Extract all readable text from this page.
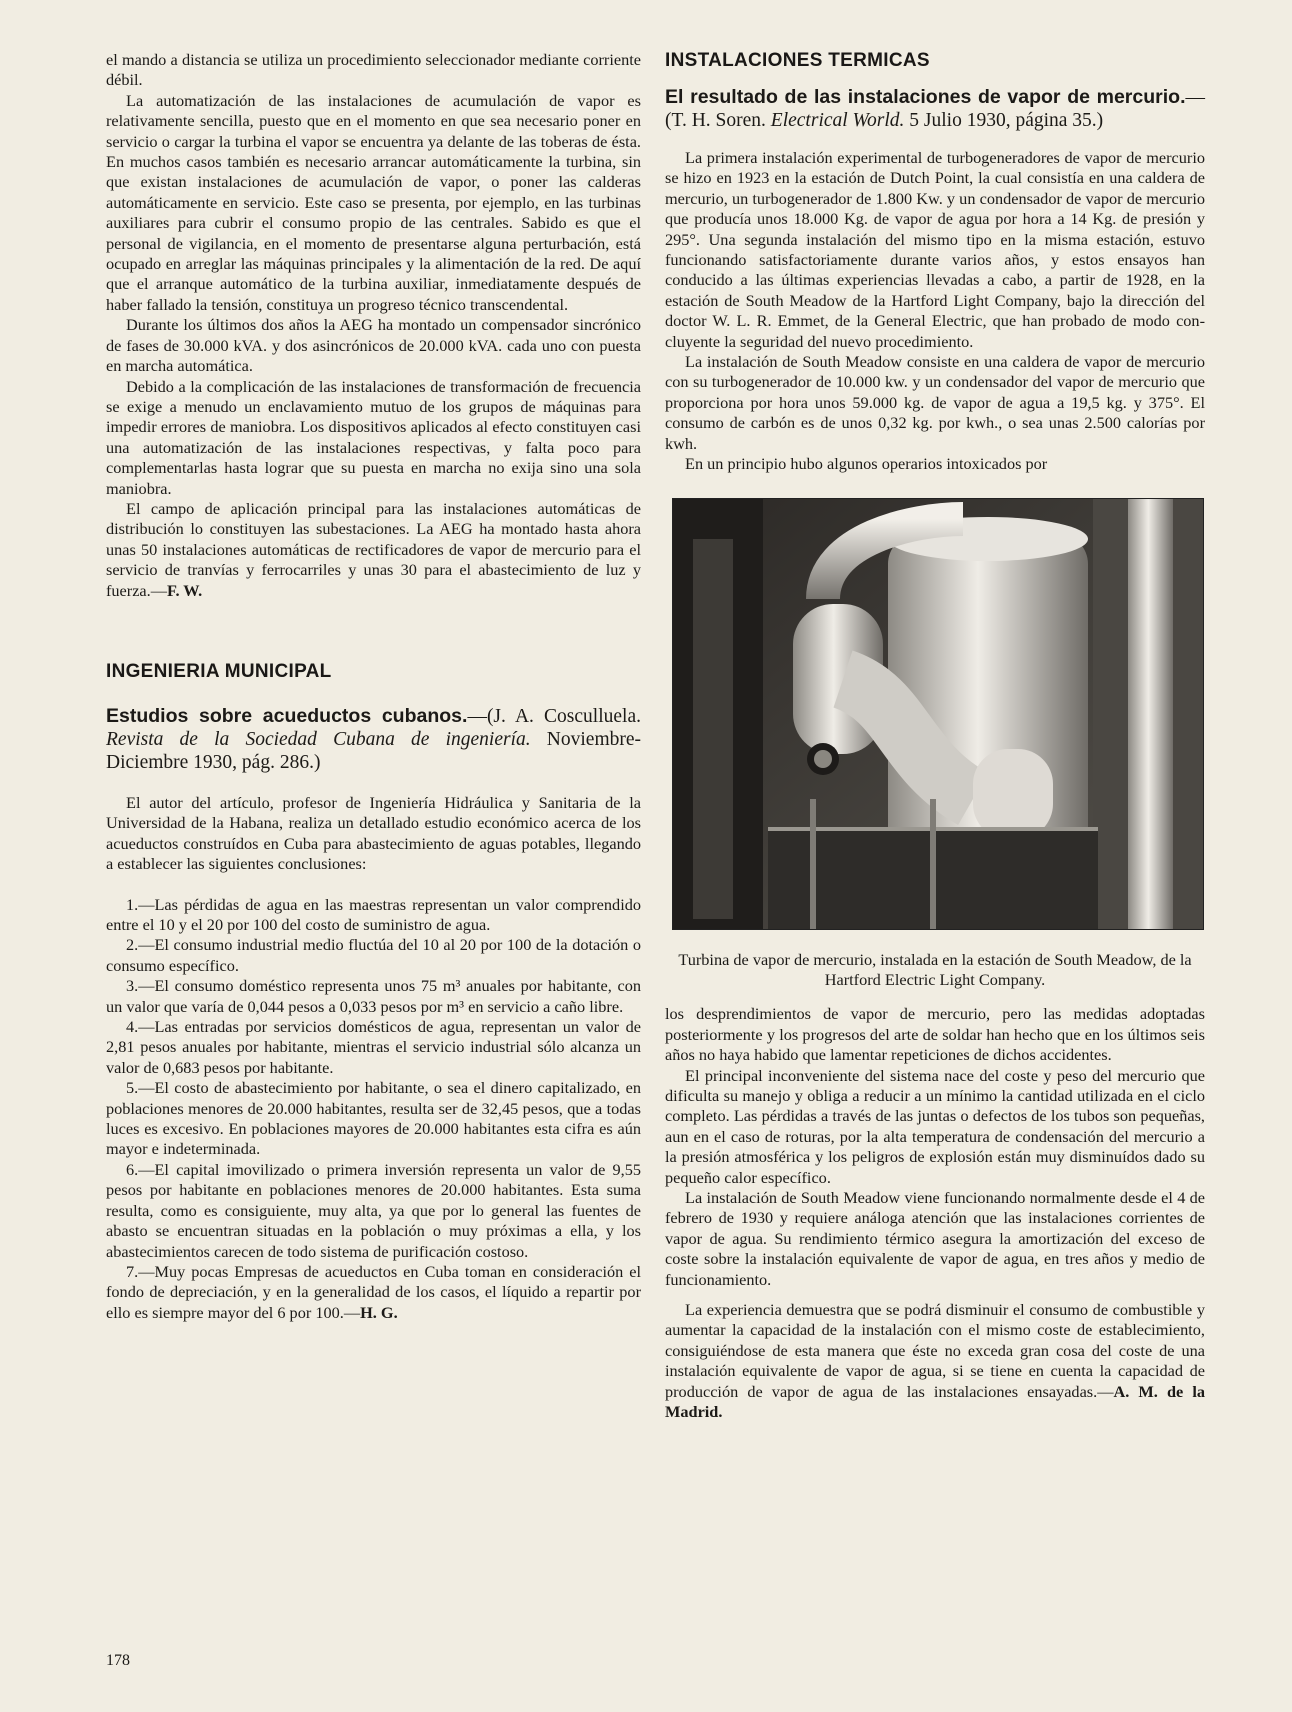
el mando a distancia se utiliza un procedimiento seleccionador mediante corriente débil.

La automatización de las instalaciones de acumulación de vapor es relativamente sencilla, puesto que en el momento en que sea necesario poner en servicio o cargar la turbina el vapor se encuentra ya delante de las toberas de ésta. En muchos casos también es necesario arrancar automáticamente la turbina, sin que existan instalaciones de acumulación de vapor, o poner las calderas automáticamente en servicio. Este caso se presenta, por ejemplo, en las turbinas auxiliares para cubrir el consumo propio de las centrales. Sabido es que el personal de vigilancia, en el momento de presentarse alguna perturbación, está ocupado en arreglar las máquinas principales y la alimentación de la red. De aquí que el arranque automático de la turbina auxiliar, inmediatamente después de haber fallado la tensión, constituya un progreso técnico transcendental.

Durante los últimos dos años la AEG ha montado un compensador sincrónico de fases de 30.000 kVA. y dos asincrónicos de 20.000 kVA. cada uno con puesta en marcha automática.

Debido a la complicación de las instalaciones de transformación de frecuencia se exige a menudo un enclavamiento mutuo de los grupos de máquinas para impedir errores de maniobra. Los dispositivos aplicados al efecto constituyen casi una automatización de las instalaciones respectivas, y falta poco para complementarlas hasta lograr que su puesta en marcha no exija sino una sola maniobra.

El campo de aplicación principal para las instalaciones automáticas de distribución lo constituyen las subestaciones. La AEG ha montado hasta ahora unas 50 instalaciones automáticas de rectificadores de vapor de mercurio para el servicio de tranvías y ferrocarriles y unas 30 para el abastecimiento de luz y fuerza.—F. W.

INGENIERIA MUNICIPAL

Estudios sobre acueductos cubanos.—(J. A. Cosculluela. Revista de la Sociedad Cubana de ingeniería. Noviembre-Diciembre 1930, pág. 286.)

El autor del artículo, profesor de Ingeniería Hidráulica y Sanitaria de la Universidad de la Habana, realiza un detallado estudio económico acerca de los acueductos construídos en Cuba para abastecimiento de aguas potables, llegando a establecer las siguientes conclusiones:

1.—Las pérdidas de agua en las maestras representan un valor comprendido entre el 10 y el 20 por 100 del costo de suministro de agua.

2.—El consumo industrial medio fluctúa del 10 al 20 por 100 de la dotación o consumo específico.

3.—El consumo doméstico representa unos 75 m³ anuales por habitante, con un valor que varía de 0,044 pesos a 0,033 pesos por m³ en servicio a caño libre.

4.—Las entradas por servicios domésticos de agua, representan un valor de 2,81 pesos anuales por habitante, mientras el servicio industrial sólo alcanza un valor de 0,683 pesos por habitante.

5.—El costo de abastecimiento por habitante, o sea el dinero capitalizado, en poblaciones menores de 20.000 habitantes, resulta ser de 32,45 pesos, que a todas luces es excesivo. En poblaciones mayores de 20.000 habitantes esta cifra es aún mayor e indeterminada.

6.—El capital imovilizado o primera inversión representa un valor de 9,55 pesos por habitante en poblaciones menores de 20.000 habitantes. Esta suma resulta, como es consiguiente, muy alta, ya que por lo general las fuentes de abasto se encuentran situadas en la población o muy próximas a ella, y los abastecimientos carecen de todo sistema de purificación costoso.

7.—Muy pocas Empresas de acueductos en Cuba toman en consideración el fondo de depreciación, y en la generalidad de los casos, el líquido a repartir por ello es siempre mayor del 6 por 100.—H. G.

INSTALACIONES TERMICAS

El resultado de las instalaciones de vapor de mercurio.—(T. H. Soren. Electrical World. 5 Julio 1930, página 35.)

La primera instalación experimental de turbogeneradores de vapor de mercurio se hizo en 1923 en la estación de Dutch Point, la cual consistía en una caldera de mercurio, un turbogenerador de 1.800 Kw. y un condensador de vapor de mercurio que producía unos 18.000 Kg. de vapor de agua por hora a 14 Kg. de presión y 295°. Una segunda instalación del mismo tipo en la misma estación, estuvo funcionando satisfactoriamente durante varios años, y estos ensayos han conducido a las últimas experiencias llevadas a cabo, a partir de 1928, en la estación de South Meadow de la Hartford Light Company, bajo la dirección del doctor W. L. R. Emmet, de la General Electric, que han probado de modo concluyente la seguridad del nuevo procedimiento.

La instalación de South Meadow consiste en una caldera de vapor de mercurio con su turbogenerador de 10.000 kw. y un condensador del vapor de mercurio que proporciona por hora unos 59.000 kg. de vapor de agua a 19,5 kg. y 375°. El consumo de carbón es de unos 0,32 kg. por kwh., o sea unas 2.500 calorías por kwh.

En un principio hubo algunos operarios intoxicados por

Turbina de vapor de mercurio, instalada en la estación de South Meadow, de la Hartford Electric Light Company.

los desprendimientos de vapor de mercurio, pero las medidas adoptadas posteriormente y los progresos del arte de soldar han hecho que en los últimos seis años no haya habido que lamentar repeticiones de dichos accidentes.

El principal inconveniente del sistema nace del coste y peso del mercurio que dificulta su manejo y obliga a reducir a un mínimo la cantidad utilizada en el ciclo completo. Las pérdidas a través de las juntas o defectos de los tubos son pequeñas, aun en el caso de roturas, por la alta temperatura de condensación del mercurio a la presión atmosférica y los peligros de explosión están muy disminuídos dado su pequeño calor específico.

La instalación de South Meadow viene funcionando normalmente desde el 4 de febrero de 1930 y requiere análoga atención que las instalaciones corrientes de vapor de agua. Su rendimiento térmico asegura la amortización del exceso de coste sobre la instalación equivalente de vapor de agua, en tres años y medio de funcionamiento.

La experiencia demuestra que se podrá disminuir el consumo de combustible y aumentar la capacidad de la instalación con el mismo coste de establecimiento, consiguiéndose de esta manera que éste no exceda gran cosa del coste de una instalación equivalente de vapor de agua, si se tiene en cuenta la capacidad de producción de vapor de agua de las instalaciones ensayadas.—A. M. de la Madrid.

178
